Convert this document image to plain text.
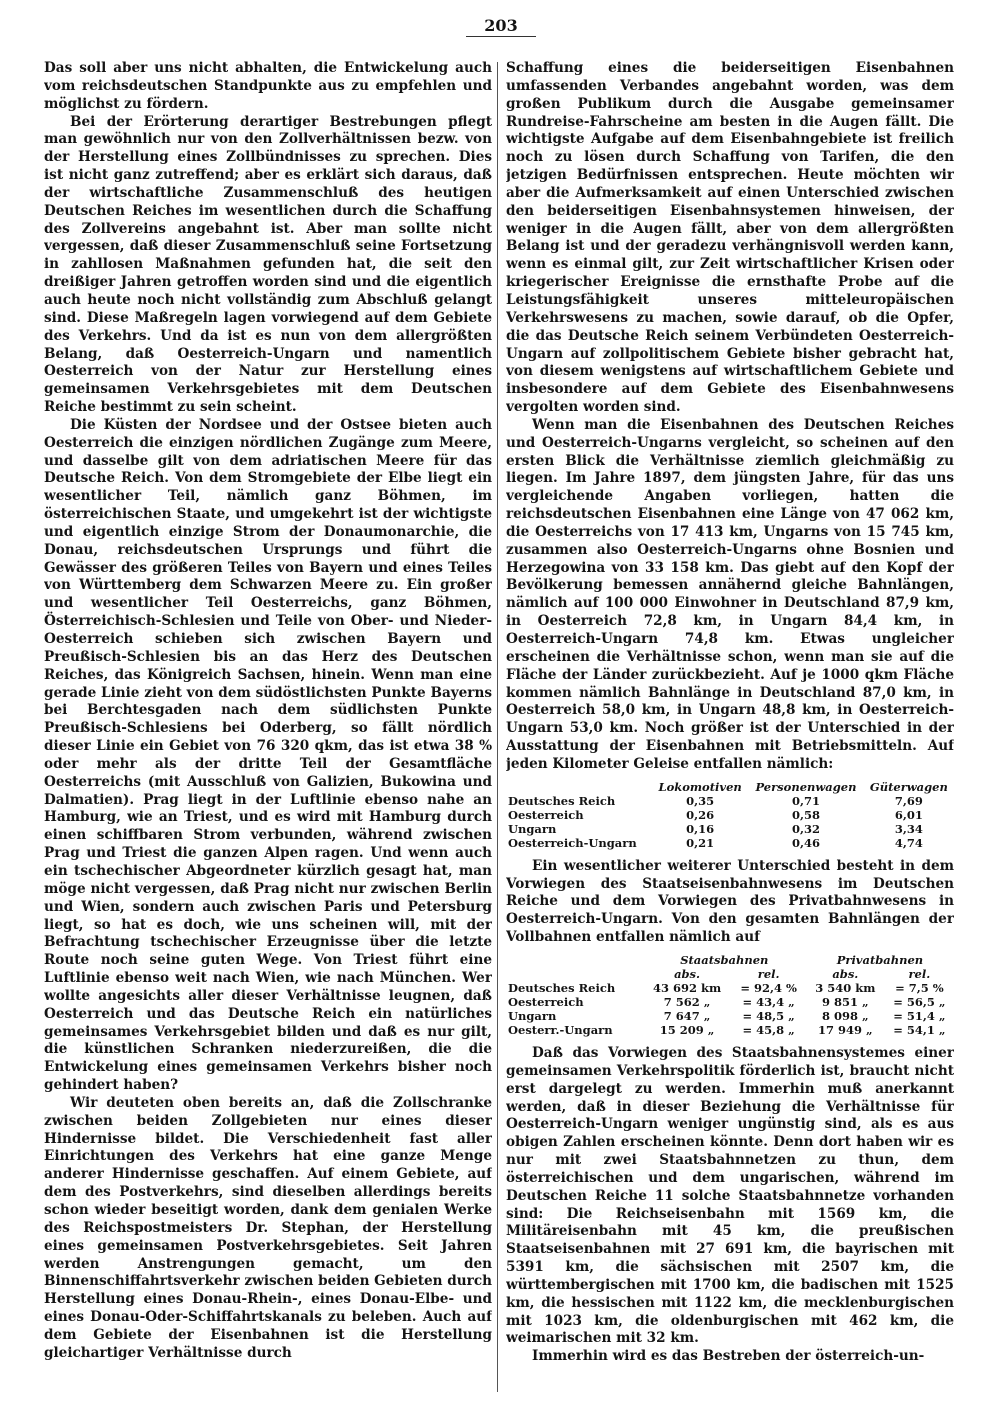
203

Das soll aber uns nicht abhalten, die Entwickelung auch vom reichsdeutschen Standpunkte aus zu empfehlen und möglichst zu fördern.

Bei der Erörterung derartiger Bestrebungen pflegt man gewöhnlich nur von den Zollverhältnissen bezw. von der Herstellung eines Zollbündnisses zu sprechen. Dies ist nicht ganz zutreffend; aber es erklärt sich daraus, daß der wirtschaftliche Zusammenschluß des heutigen Deutschen Reiches im wesentlichen durch die Schaffung des Zollvereins angebahnt ist. Aber man sollte nicht vergessen, daß dieser Zusammenschluß seine Fortsetzung in zahllosen Maßnahmen gefunden hat, die seit den dreißiger Jahren getroffen worden sind und die eigentlich auch heute noch nicht vollständig zum Abschluß gelangt sind. Diese Maßregeln lagen vorwiegend auf dem Gebiete des Verkehrs. Und da ist es nun von dem allergrößten Belang, daß Oesterreich-Ungarn und namentlich Oesterreich von der Natur zur Herstellung eines gemeinsamen Verkehrsgebietes mit dem Deutschen Reiche bestimmt zu sein scheint.

Die Küsten der Nordsee und der Ostsee bieten auch Oesterreich die einzigen nördlichen Zugänge zum Meere, und dasselbe gilt von dem adriatischen Meere für das Deutsche Reich. Von dem Stromgebiete der Elbe liegt ein wesentlicher Teil, nämlich ganz Böhmen, im österreichischen Staate, und umgekehrt ist der wichtigste und eigentlich einzige Strom der Donaumonarchie, die Donau, reichsdeutschen Ursprungs und führt die Gewässer des größeren Teiles von Bayern und eines Teiles von Württemberg dem Schwarzen Meere zu. Ein großer und wesentlicher Teil Oesterreichs, ganz Böhmen, Österreichisch-Schlesien und Teile von Ober- und Nieder-Oesterreich schieben sich zwischen Bayern und Preußisch-Schlesien bis an das Herz des Deutschen Reiches, das Königreich Sachsen, hinein. Wenn man eine gerade Linie zieht von dem südöstlichsten Punkte Bayerns bei Berchtesgaden nach dem südlichsten Punkte Preußisch-Schlesiens bei Oderberg, so fällt nördlich dieser Linie ein Gebiet von 76 320 qkm, das ist etwa 38 % oder mehr als der dritte Teil der Gesamtfläche Oesterreichs (mit Ausschluß von Galizien, Bukowina und Dalmatien). Prag liegt in der Luftlinie ebenso nahe an Hamburg, wie an Triest, und es wird mit Hamburg durch einen schiffbaren Strom verbunden, während zwischen Prag und Triest die ganzen Alpen ragen. Und wenn auch ein tschechischer Abgeordneter kürzlich gesagt hat, man möge nicht vergessen, daß Prag nicht nur zwischen Berlin und Wien, sondern auch zwischen Paris und Petersburg liegt, so hat es doch, wie uns scheinen will, mit der Befrachtung tschechischer Erzeugnisse über die letzte Route noch seine guten Wege. Von Triest führt eine Luftlinie ebenso weit nach Wien, wie nach München. Wer wollte angesichts aller dieser Verhältnisse leugnen, daß Oesterreich und das Deutsche Reich ein natürliches gemeinsames Verkehrsgebiet bilden und daß es nur gilt, die künstlichen Schranken niederzureißen, die die Entwickelung eines gemeinsamen Verkehrs bisher noch gehindert haben?

Wir deuteten oben bereits an, daß die Zollschranke zwischen beiden Zollgebieten nur eines dieser Hindernisse bildet. Die Verschiedenheit fast aller Einrichtungen des Verkehrs hat eine ganze Menge anderer Hindernisse geschaffen. Auf einem Gebiete, auf dem des Postverkehrs, sind dieselben allerdings bereits schon wieder beseitigt worden, dank dem genialen Werke des Reichspostmeisters Dr. Stephan, der Herstellung eines gemeinsamen Postverkehrsgebietes. Seit Jahren werden Anstrengungen gemacht, um den Binnenschiffahrtsverkehr zwischen beiden Gebieten durch Herstellung eines Donau-Rhein-, eines Donau-Elbe- und eines Donau-Oder-Schiffahrtskanals zu beleben. Auch auf dem Gebiete der Eisenbahnen ist die Herstellung gleichartiger Verhältnisse durch

Schaffung eines die beiderseitigen Eisenbahnen umfassenden Verbandes angebahnt worden, was dem großen Publikum durch die Ausgabe gemeinsamer Rundreise-Fahrscheine am besten in die Augen fällt. Die wichtigste Aufgabe auf dem Eisenbahngebiete ist freilich noch zu lösen durch Schaffung von Tarifen, die den jetzigen Bedürfnissen entsprechen. Heute möchten wir aber die Aufmerksamkeit auf einen Unterschied zwischen den beiderseitigen Eisenbahnsystemen hinweisen, der weniger in die Augen fällt, aber von dem allergrößten Belang ist und der geradezu verhängnisvoll werden kann, wenn es einmal gilt, zur Zeit wirtschaftlicher Krisen oder kriegerischer Ereignisse die ernsthafte Probe auf die Leistungsfähigkeit unseres mitteleuropäischen Verkehrswesens zu machen, sowie darauf, ob die Opfer, die das Deutsche Reich seinem Verbündeten Oesterreich-Ungarn auf zollpolitischem Gebiete bisher gebracht hat, von diesem wenigstens auf wirtschaftlichem Gebiete und insbesondere auf dem Gebiete des Eisenbahnwesens vergolten worden sind.

Wenn man die Eisenbahnen des Deutschen Reiches und Oesterreich-Ungarns vergleicht, so scheinen auf den ersten Blick die Verhältnisse ziemlich gleichmäßig zu liegen. Im Jahre 1897, dem jüngsten Jahre, für das uns vergleichende Angaben vorliegen, hatten die reichsdeutschen Eisenbahnen eine Länge von 47 062 km, die Oesterreichs von 17 413 km, Ungarns von 15 745 km, zusammen also Oesterreich-Ungarns ohne Bosnien und Herzegowina von 33 158 km. Das giebt auf den Kopf der Bevölkerung bemessen annähernd gleiche Bahnlängen, nämlich auf 100 000 Einwohner in Deutschland 87,9 km, in Oesterreich 72,8 km, in Ungarn 84,4 km, in Oesterreich-Ungarn 74,8 km. Etwas ungleicher erscheinen die Verhältnisse schon, wenn man sie auf die Fläche der Länder zurückbezieht. Auf je 1000 qkm Fläche kommen nämlich Bahnlänge in Deutschland 87,0 km, in Oesterreich 58,0 km, in Ungarn 48,8 km, in Oesterreich-Ungarn 53,0 km. Noch größer ist der Unterschied in der Ausstattung der Eisenbahnen mit Betriebsmitteln. Auf jeden Kilometer Geleise entfallen nämlich:

	Lokomotiven	Personenwagen	Güterwagen
Deutsches Reich	0,35	0,71	7,69
Oesterreich	0,26	0,58	6,01
Ungarn	0,16	0,32	3,34
Oesterreich-Ungarn	0,21	0,46	4,74

Ein wesentlicher weiterer Unterschied besteht in dem Vorwiegen des Staatseisenbahnwesens im Deutschen Reiche und dem Vorwiegen des Privatbahnwesens in Oesterreich-Ungarn. Von den gesamten Bahnlängen der Vollbahnen entfallen nämlich auf

	Staatsbahnen		Privatbahnen	
	abs.	rel.	abs.	rel.
Deutsches Reich	43 692 km	= 92,4 %	3 540 km	= 7,5 %
Oesterreich	7 562 „	= 43,4 „	9 851 „	= 56,5 „
Ungarn	7 647 „	= 48,5 „	8 098 „	= 51,4 „
Oesterr.-Ungarn	15 209 „	= 45,8 „	17 949 „	= 54,1 „

Daß das Vorwiegen des Staatsbahnensystemes einer gemeinsamen Verkehrspolitik förderlich ist, braucht nicht erst dargelegt zu werden. Immerhin muß anerkannt werden, daß in dieser Beziehung die Verhältnisse für Oesterreich-Ungarn weniger ungünstig sind, als es aus obigen Zahlen erscheinen könnte. Denn dort haben wir es nur mit zwei Staatsbahnnetzen zu thun, dem österreichischen und dem ungarischen, während im Deutschen Reiche 11 solche Staatsbahnnetze vorhanden sind: Die Reichseisenbahn mit 1569 km, die Militäreisenbahn mit 45 km, die preußischen Staatseisenbahnen mit 27 691 km, die bayrischen mit 5391 km, die sächsischen mit 2507 km, die württembergischen mit 1700 km, die badischen mit 1525 km, die hessischen mit 1122 km, die mecklenburgischen mit 1023 km, die oldenburgischen mit 462 km, die weimarischen mit 32 km.

Immerhin wird es das Bestreben der österreich-un-
